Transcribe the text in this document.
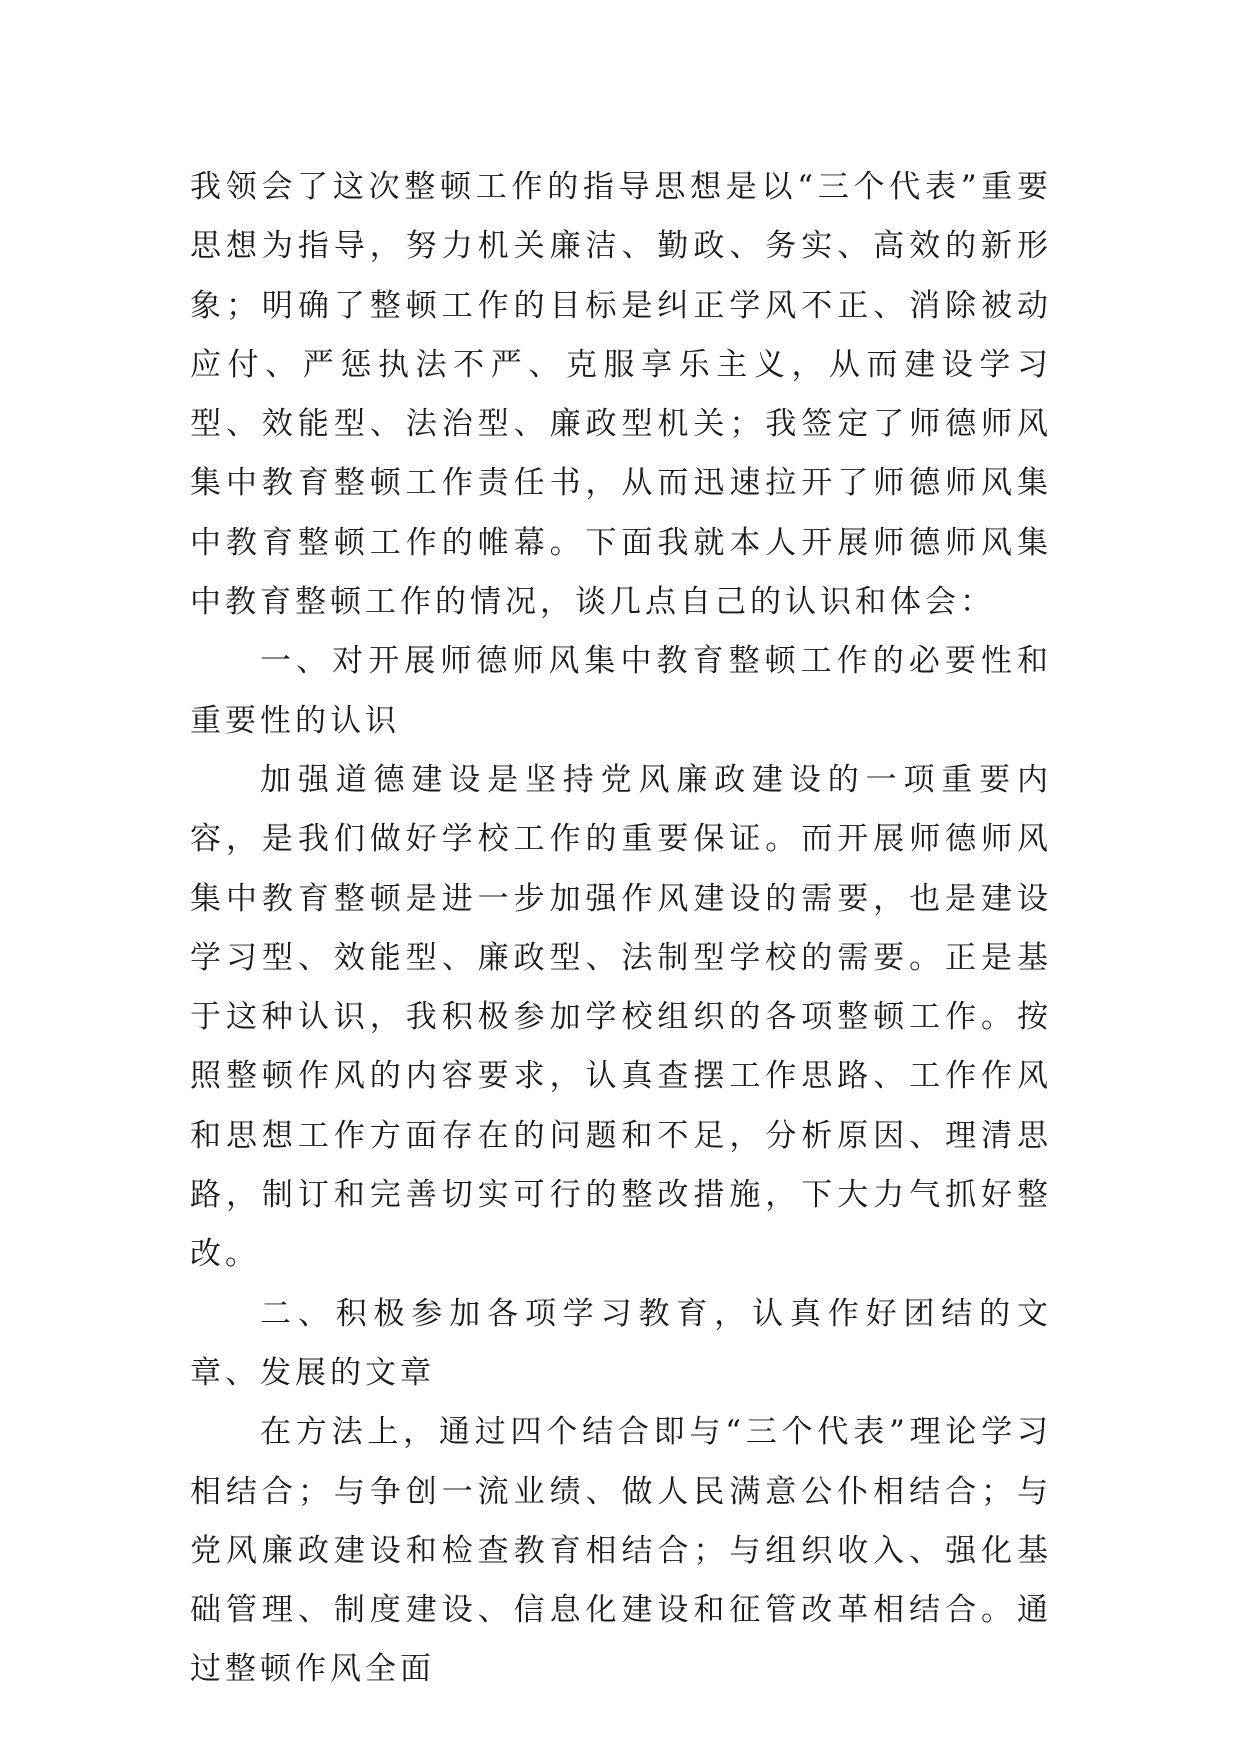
我领会了这次整顿工作的指导思想是以“三个代表”重要思想为指导，努力机关廉洁、勤政、务实、高效的新形象；明确了整顿工作的目标是纠正学风不正、消除被动应付、严惩执法不严、克服享乐主义，从而建设学习型、效能型、法治型、廉政型机关；我签定了师德师风集中教育整顿工作责任书，从而迅速拉开了师德师风集中教育整顿工作的帷幕。下面我就本人开展师德师风集中教育整顿工作的情况，谈几点自己的认识和体会：

一、对开展师德师风集中教育整顿工作的必要性和重要性的认识

加强道德建设是坚持党风廉政建设的一项重要内容，是我们做好学校工作的重要保证。而开展师德师风集中教育整顿是进一步加强作风建设的需要，也是建设学习型、效能型、廉政型、法制型学校的需要。正是基于这种认识，我积极参加学校组织的各项整顿工作。按照整顿作风的内容要求，认真查摆工作思路、工作作风和思想工作方面存在的问题和不足，分析原因、理清思路，制订和完善切实可行的整改措施，下大力气抓好整改。

二、积极参加各项学习教育，认真作好团结的文章、发展的文章

在方法上，通过四个结合即与“三个代表”理论学习相结合；与争创一流业绩、做人民满意公仆相结合；与党风廉政建设和检查教育相结合；与组织收入、强化基础管理、制度建设、信息化建设和征管改革相结合。通过整顿作风全面
